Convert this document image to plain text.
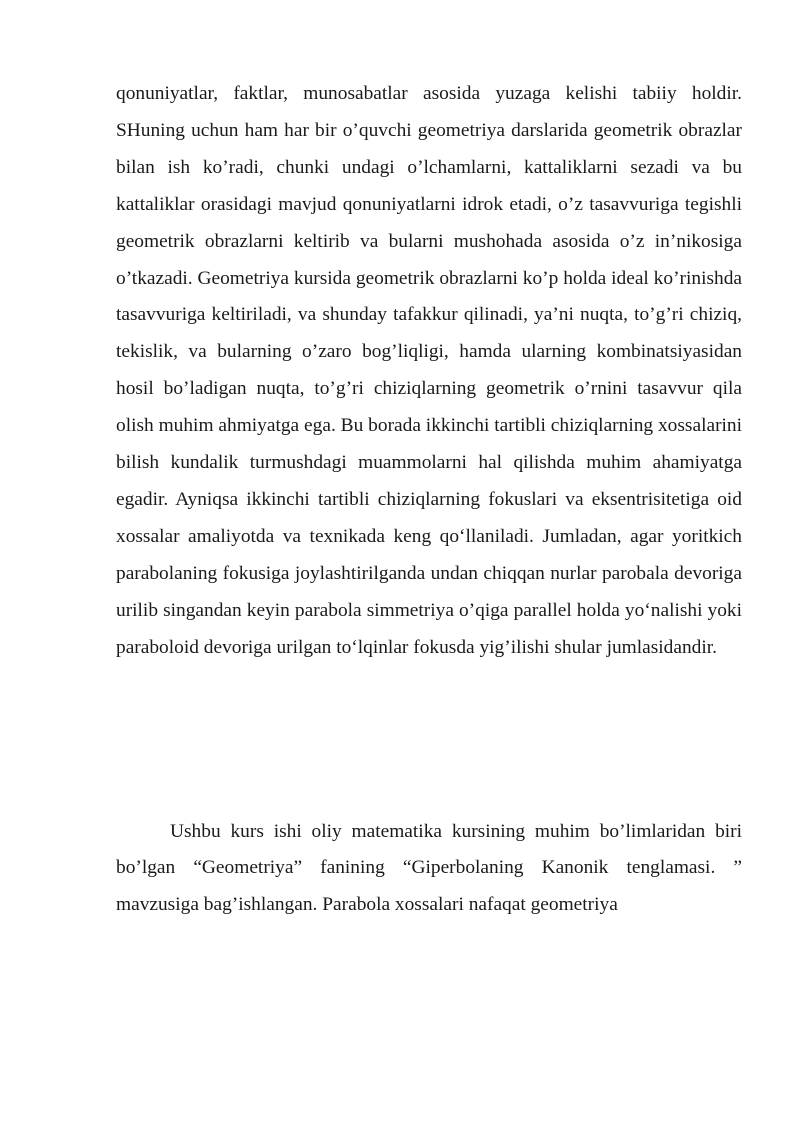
qonuniyatlar, faktlar, munosabatlar asosida yuzaga kelishi tabiiy holdir. SHuning uchun ham har bir o’quvchi geometriya darslarida geometrik obrazlar bilan ish ko’radi, chunki undagi o’lchamlarni, kattaliklarni sezadi va bu kattaliklar orasidagi mavjud qonuniyatlarni idrok etadi, o’z tasavvuriga tegishli geometrik obrazlarni keltirib va bularni mushohada asosida o’z in’nikosiga o’tkazadi. Geometriya kursida geometrik obrazlarni ko’p holda ideal ko’rinishda tasavvuriga keltiriladi, va shunday tafakkur qilinadi, ya’ni nuqta, to’g’ri chiziq, tekislik, va bularning o’zaro bog’liqligi, hamda ularning kombinatsiyasidan hosil bo’ladigan nuqta, to’g’ri chiziqlarning geometrik o’rnini tasavvur qila olish muhim ahmiyatga ega. Bu borada ikkinchi tartibli chiziqlarning xossalarini bilish kundalik turmushdagi muammolarni hal qilishda muhim ahamiyatga egadir. Ayniqsa ikkinchi tartibli chiziqlarning fokuslari va eksentrisitetiga oid xossalar amaliyotda va texnikada keng qo‘llaniladi. Jumladan, agar yoritkich parabolaning fokusiga joylashtirilganda undan chiqqan nurlar parobala devoriga urilib singandan keyin parabola simmetriya o’qiga parallel holda yo‘nalishi yoki paraboloid devoriga urilgan to‘lqinlar fokusda yig’ilishi shular jumlasidandir.

Ushbu kurs ishi oliy matematika kursining muhim bo’limlaridan biri bo’lgan “Geometriya” fanining “Giperbolaning Kanonik tenglamasi. ” mavzusiga bag’ishlangan. Parabola xossalari nafaqat geometriya
